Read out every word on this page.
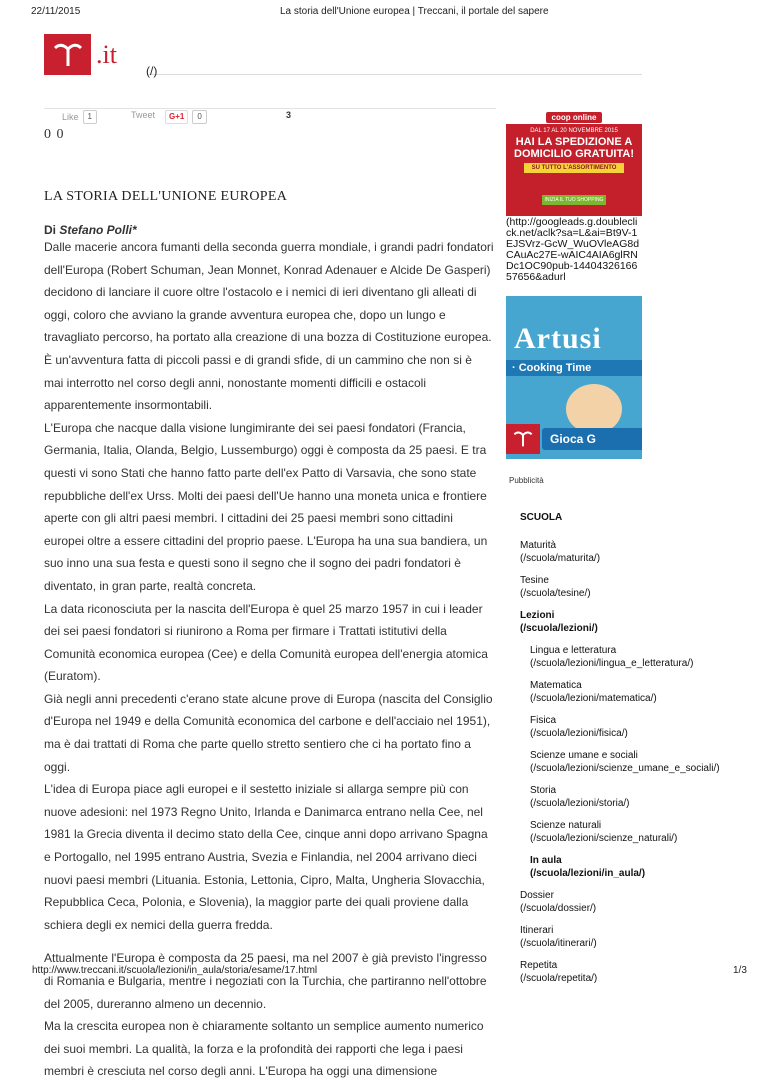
22/11/2015	La storia dell'Unione europea | Treccani, il portale del sapere
.it
(/)
Like	1	Tweet	G+1	0	3
0 0
LA STORIA DELL'UNIONE EUROPEA
Di Stefano Polli*

Dalle macerie ancora fumanti della seconda guerra mondiale, i grandi padri fondatori dell'Europa (Robert Schuman, Jean Monnet, Konrad Adenauer e Alcide De Gasperi) decidono di lanciare il cuore oltre l'ostacolo e i nemici di ieri diventano gli alleati di oggi, coloro che avviano la grande avventura europea che, dopo un lungo e travagliato percorso, ha portato alla creazione di una bozza di Costituzione europea.

È un'avventura fatta di piccoli passi e di grandi sfide, di un cammino che non si è mai interrotto nel corso degli anni, nonostante momenti difficili e ostacoli apparentemente insormontabili.

L'Europa che nacque dalla visione lungimirante dei sei paesi fondatori (Francia, Germania, Italia, Olanda, Belgio, Lussemburgo) oggi è composta da 25 paesi. E tra questi vi sono Stati che hanno fatto parte dell'ex Patto di Varsavia, che sono state repubbliche dell'ex Urss. Molti dei paesi dell'Ue hanno una moneta unica e frontiere aperte con gli altri paesi membri. I cittadini dei 25 paesi membri sono cittadini europei oltre a essere cittadini del proprio paese. L'Europa ha una sua bandiera, un suo inno una sua festa e questi sono il segno che il sogno dei padri fondatori è diventato, in gran parte, realtà concreta.

La data riconosciuta per la nascita dell'Europa è quel 25 marzo 1957 in cui i leader dei sei paesi fondatori si riunirono a Roma per firmare i Trattati istitutivi della Comunità economica europea (Cee) e della Comunità europea dell'energia atomica (Euratom).

Già negli anni precedenti c'erano state alcune prove di Europa (nascita del Consiglio d'Europa nel 1949 e della Comunità economica del carbone e dell'acciaio nel 1951), ma è dai trattati di Roma che parte quello stretto sentiero che ci ha portato fino a oggi.

L'idea di Europa piace agli europei e il sestetto iniziale si allarga sempre più con nuove adesioni: nel 1973 Regno Unito, Irlanda e Danimarca entrano nella Cee, nel 1981 la Grecia diventa il decimo stato della Cee, cinque anni dopo arrivano Spagna e Portogallo, nel 1995 entrano Austria, Svezia e Finlandia, nel 2004 arrivano dieci nuovi paesi membri (Lituania. Estonia, Lettonia, Cipro, Malta, Ungheria Slovacchia, Repubblica Ceca, Polonia, e Slovenia), la maggior parte dei quali proviene dalla schiera degli ex nemici della guerra fredda.

Attualmente l'Europa è composta da 25 paesi, ma nel 2007 è già previsto l'ingresso di Romania e Bulgaria, mentre i negoziati con la Turchia, che partiranno nell'ottobre del 2005, dureranno almeno un decennio.

Ma la crescita europea non è chiaramente soltanto un semplice aumento numerico dei suoi membri. La qualità, la forza e la profondità dei rapporti che lega i paesi membri è cresciuta nel corso degli anni. L'Europa ha oggi una dimensione

coop online
DAL 17 AL 20 NOVEMBRE 2015
HAI LA SPEDIZIONE A DOMICILIO GRATUITA!
SU TUTTO L'ASSORTIMENTO
INIZIA IL TUO SHOPPING
(http://googleads.g.doubleclick.net/aclk?sa=L&ai=Bt9V-1EJSVrz-GcW_WuOVleAG8dCAuAc27E-wAIC4AIA6glRNDc1OC90pub-1440432616657656&adurl
Artusi
· Cooking Time
Gioca G
Pubblicità
SCUOLA
Maturità
(/scuola/maturita/)
Tesine
(/scuola/tesine/)
Lezioni
(/scuola/lezioni/)
Lingua e letteratura
(/scuola/lezioni/lingua_e_letteratura/)
Matematica
(/scuola/lezioni/matematica/)
Fisica
(/scuola/lezioni/fisica/)
Scienze umane e sociali
(/scuola/lezioni/scienze_umane_e_sociali/)
Storia
(/scuola/lezioni/storia/)
Scienze naturali
(/scuola/lezioni/scienze_naturali/)
In aula
(/scuola/lezioni/in_aula/)
Dossier
(/scuola/dossier/)
Itinerari
(/scuola/itinerari/)
Repetita
(/scuola/repetita/)
http://www.treccani.it/scuola/lezioni/in_aula/storia/esame/17.html	1/3
